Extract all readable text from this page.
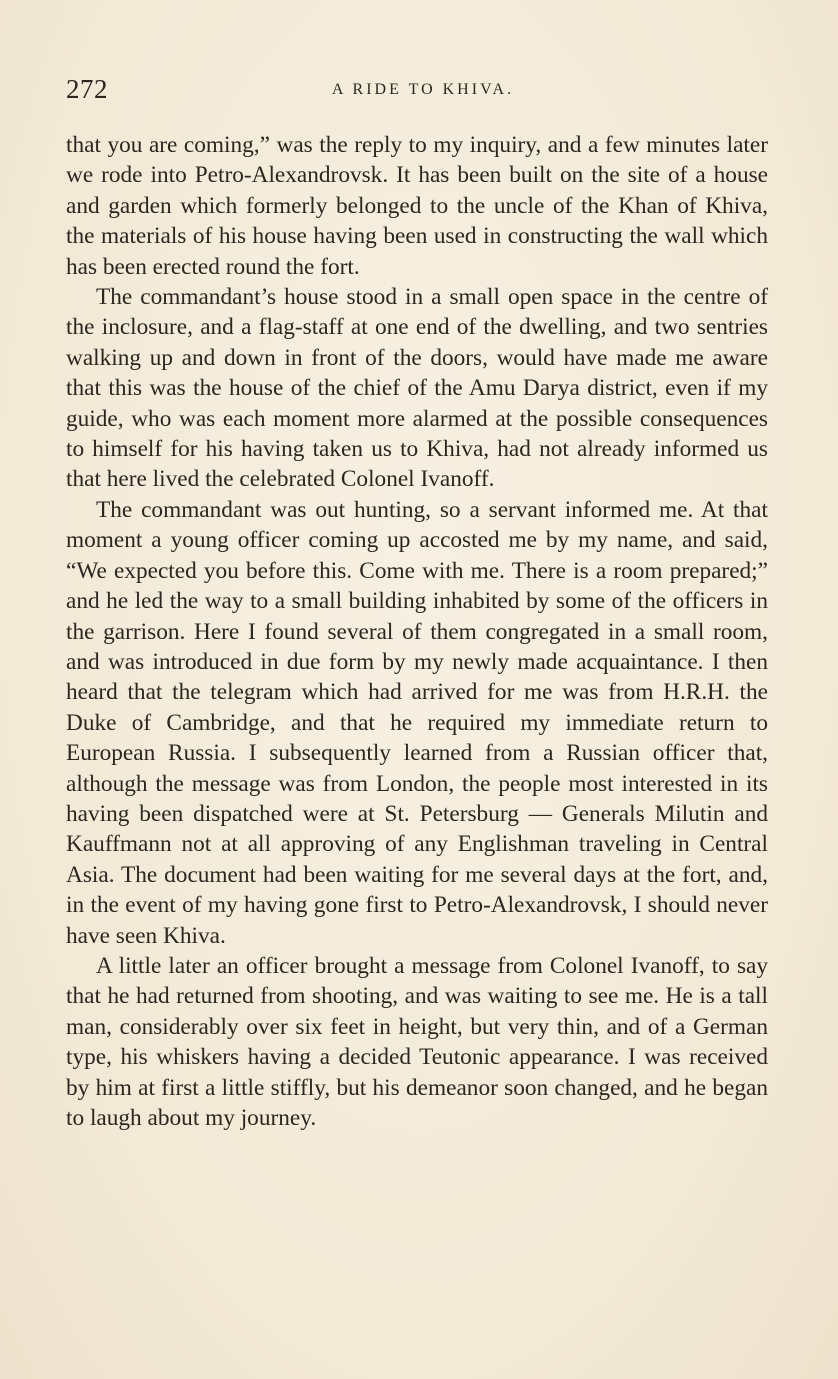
272	A RIDE TO KHIVA.

that you are coming,” was the reply to my inquiry, and a few minutes later we rode into Petro-Alexandrovsk. It has been built on the site of a house and garden which formerly belonged to the uncle of the Khan of Khiva, the materials of his house having been used in constructing the wall which has been erected round the fort.

The commandant’s house stood in a small open space in the centre of the inclosure, and a flag-staff at one end of the dwelling, and two sentries walking up and down in front of the doors, would have made me aware that this was the house of the chief of the Amu Darya district, even if my guide, who was each moment more alarmed at the possible consequences to himself for his having taken us to Khiva, had not already informed us that here lived the celebrated Colonel Ivanoff.

The commandant was out hunting, so a servant informed me. At that moment a young officer coming up accosted me by my name, and said, “We expected you before this. Come with me. There is a room prepared;” and he led the way to a small building inhabited by some of the officers in the garrison. Here I found several of them congregated in a small room, and was introduced in due form by my newly made acquaintance. I then heard that the telegram which had arrived for me was from H.R.H. the Duke of Cambridge, and that he required my immediate return to European Russia. I subsequently learned from a Russian officer that, although the message was from London, the people most interested in its having been dispatched were at St. Petersburg — Generals Milutin and Kauffmann not at all approving of any Englishman traveling in Central Asia. The document had been waiting for me several days at the fort, and, in the event of my having gone first to Petro-Alexandrovsk, I should never have seen Khiva.

A little later an officer brought a message from Colonel Ivanoff, to say that he had returned from shooting, and was waiting to see me. He is a tall man, considerably over six feet in height, but very thin, and of a German type, his whiskers having a decided Teutonic appearance. I was received by him at first a little stiffly, but his demeanor soon changed, and he began to laugh about my journey.
